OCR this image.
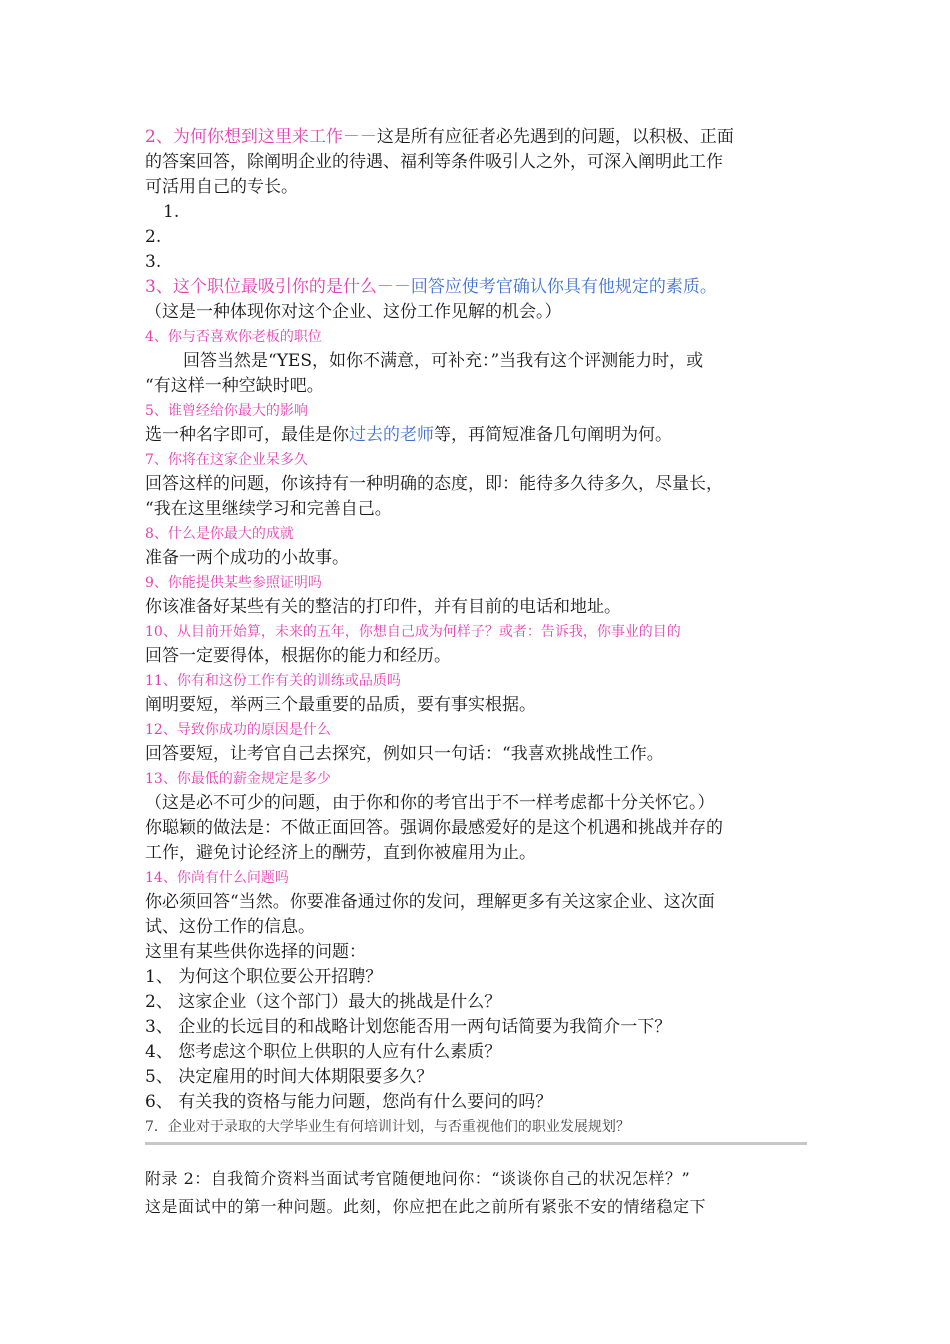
2、为何你想到这里来工作－－这是所有应征者必先遇到的问题，以积极、正面
的答案回答，除阐明企业的待遇、福利等条件吸引人之外，可深入阐明此工作
可活用自己的专长。
1.
2.
3.
3、这个职位最吸引你的是什么－－回答应使考官确认你具有他规定的素质。
（这是一种体现你对这个企业、这份工作见解的机会。）
4、你与否喜欢你老板的职位
回答当然是“YES，如你不满意，可补充：”当我有这个评测能力时，或
“有这样一种空缺时吧。
5、谁曾经给你最大的影响
选一种名字即可，最佳是你过去的老师等，再简短准备几句阐明为何。
7、你将在这家企业呆多久
回答这样的问题，你该持有一种明确的态度，即：能待多久待多久，尽量长，
“我在这里继续学习和完善自己。
8、什么是你最大的成就
准备一两个成功的小故事。
9、你能提供某些参照证明吗
你该准备好某些有关的整洁的打印件，并有目前的电话和地址。
10、从目前开始算，未来的五年，你想自己成为何样子？或者：告诉我，你事业的目的
回答一定要得体，根据你的能力和经历。
11、你有和这份工作有关的训练或品质吗
阐明要短，举两三个最重要的品质，要有事实根据。
12、导致你成功的原因是什么
回答要短，让考官自己去探究，例如只一句话：“我喜欢挑战性工作。
13、你最低的薪金规定是多少
（这是必不可少的问题，由于你和你的考官出于不一样考虑都十分关怀它。）
你聪颖的做法是：不做正面回答。强调你最感爱好的是这个机遇和挑战并存的
工作，避免讨论经济上的酬劳，直到你被雇用为止。
14、你尚有什么问题吗
你必须回答“当然。你要准备通过你的发问，理解更多有关这家企业、这次面
试、这份工作的信息。
这里有某些供你选择的问题：
1、 为何这个职位要公开招聘？
2、 这家企业（这个部门）最大的挑战是什么？
3、 企业的长远目的和战略计划您能否用一两句话简要为我简介一下？
4、 您考虑这个职位上供职的人应有什么素质？
5、 决定雇用的时间大体期限要多久？
6、 有关我的资格与能力问题，您尚有什么要问的吗？
7．企业对于录取的大学毕业生有何培训计划，与否重视他们的职业发展规划？
附录 2：自我简介资料当面试考官随便地问你：“谈谈你自己的状况怎样？”
这是面试中的第一种问题。此刻，你应把在此之前所有紧张不安的情绪稳定下
